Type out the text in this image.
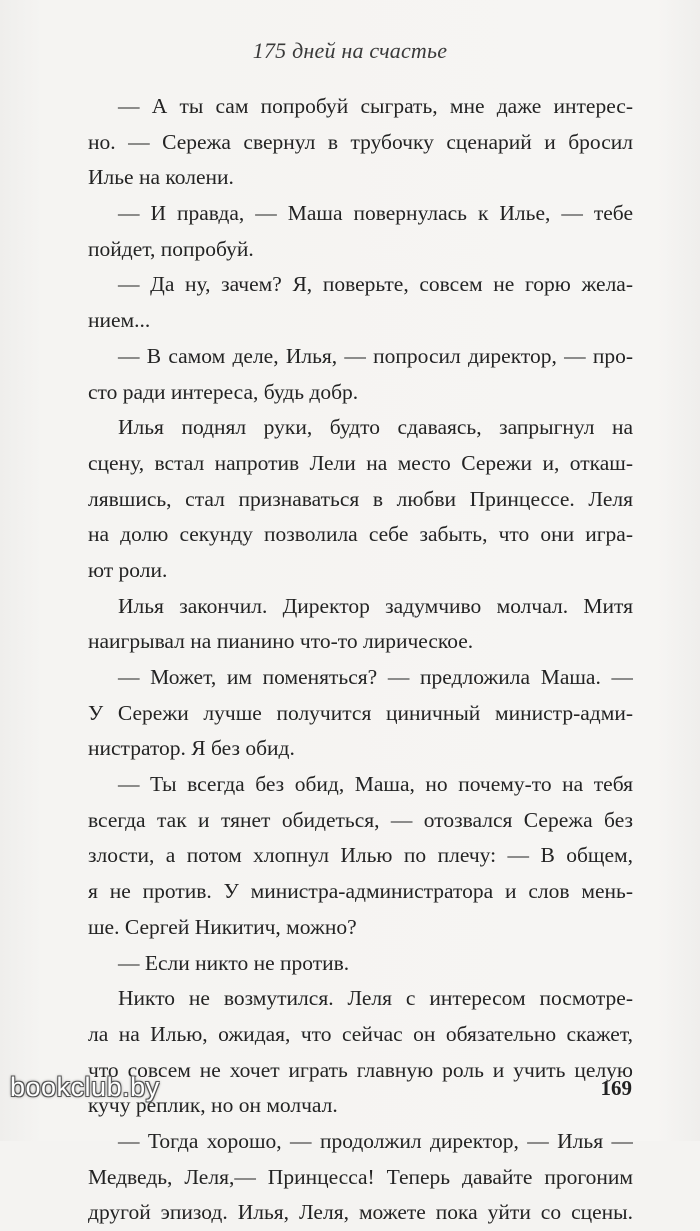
175 дней на счастье
— А ты сам попробуй сыграть, мне даже интерес-
но. — Сережа свернул в трубочку сценарий и бросил
Илье на колени.
— И правда, — Маша повернулась к Илье, — тебе
пойдет, попробуй.
— Да ну, зачем? Я, поверьте, совсем не горю жела-
нием...
— В самом деле, Илья, — попросил директор, — про-
сто ради интереса, будь добр.
Илья поднял руки, будто сдаваясь, запрыгнул на
сцену, встал напротив Лели на место Сережи и, откаш-
лявшись, стал признаваться в любви Принцессе. Леля
на долю секунду позволила себе забыть, что они игра-
ют роли.
Илья закончил. Директор задумчиво молчал. Митя
наигрывал на пианино что-то лирическое.
— Может, им поменяться? — предложила Маша. —
У Сережи лучше получится циничный министр-адми-
нистратор. Я без обид.
— Ты всегда без обид, Маша, но почему-то на тебя
всегда так и тянет обидеться, — отозвался Сережа без
злости, а потом хлопнул Илью по плечу: — В общем,
я не против. У министра-администратора и слов мень-
ше. Сергей Никитич, можно?
— Если никто не против.
Никто не возмутился. Леля с интересом посмотре-
ла на Илью, ожидая, что сейчас он обязательно скажет,
что совсем не хочет играть главную роль и учить целую
кучу реплик, но он молчал.
— Тогда хорошо, — продолжил директор, — Илья —
Медведь, Леля,— Принцесса! Теперь давайте прогоним
другой эпизод. Илья, Леля, можете пока уйти со сцены.
bookclub.by	169
